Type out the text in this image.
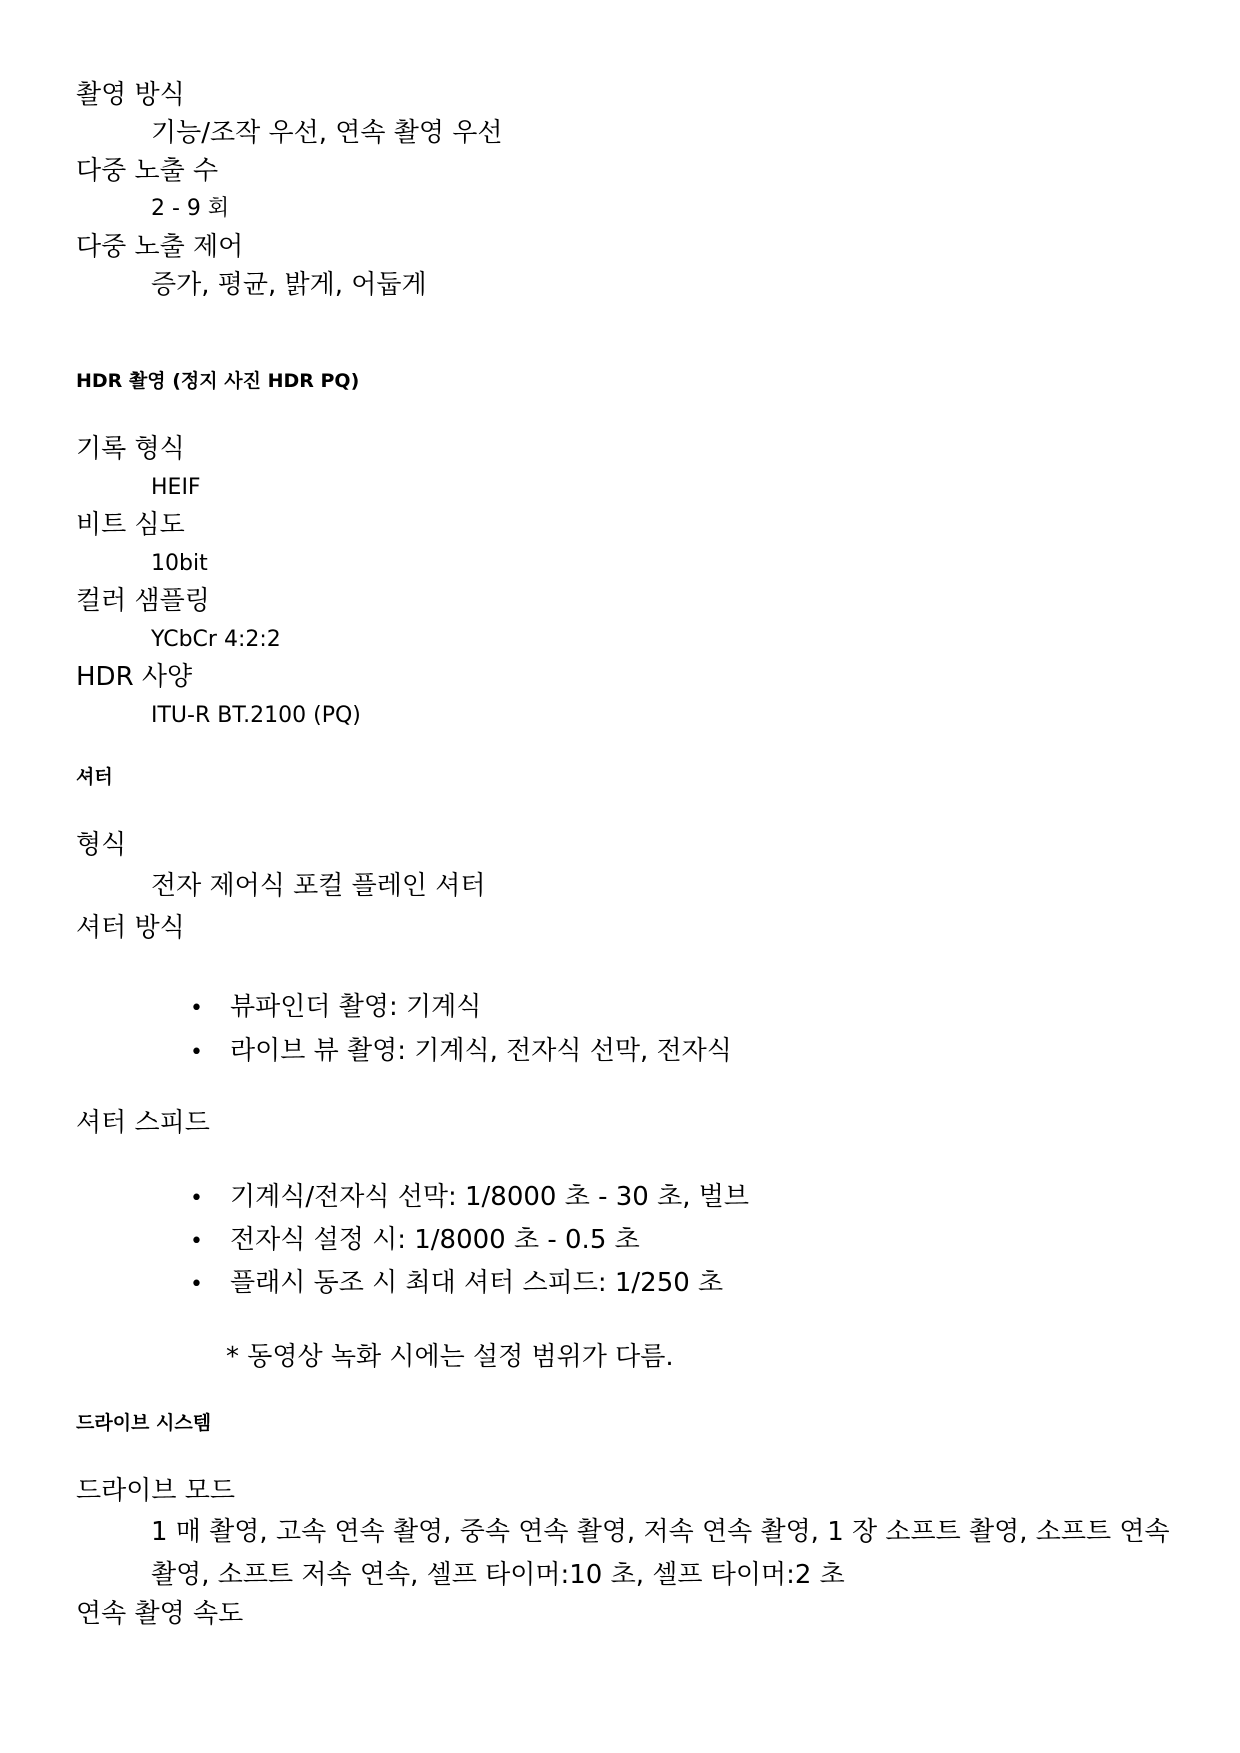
촬영 방식
기능/조작 우선, 연속 촬영 우선
다중 노출 수
2 - 9 회
다중 노출 제어
증가, 평균, 밝게, 어둡게
HDR 촬영 (정지 사진 HDR PQ)
기록 형식
HEIF
비트 심도
10bit
컬러 샘플링
YCbCr 4:2:2
HDR 사양
ITU-R BT.2100 (PQ)
셔터
형식
전자 제어식 포컬 플레인 셔터
셔터 방식
• 뷰파인더 촬영: 기계식
• 라이브 뷰 촬영: 기계식, 전자식 선막, 전자식
셔터 스피드
• 기계식/전자식 선막: 1/8000 초 - 30 초, 벌브
• 전자식 설정 시: 1/8000 초 - 0.5 초
• 플래시 동조 시 최대 셔터 스피드: 1/250 초
* 동영상 녹화 시에는 설정 범위가 다름.
드라이브 시스템
드라이브 모드
1 매 촬영, 고속 연속 촬영, 중속 연속 촬영, 저속 연속 촬영, 1 장 소프트 촬영, 소프트 연속 촬영, 소프트 저속 연속, 셀프 타이머:10 초, 셀프 타이머:2 초
연속 촬영 속도
